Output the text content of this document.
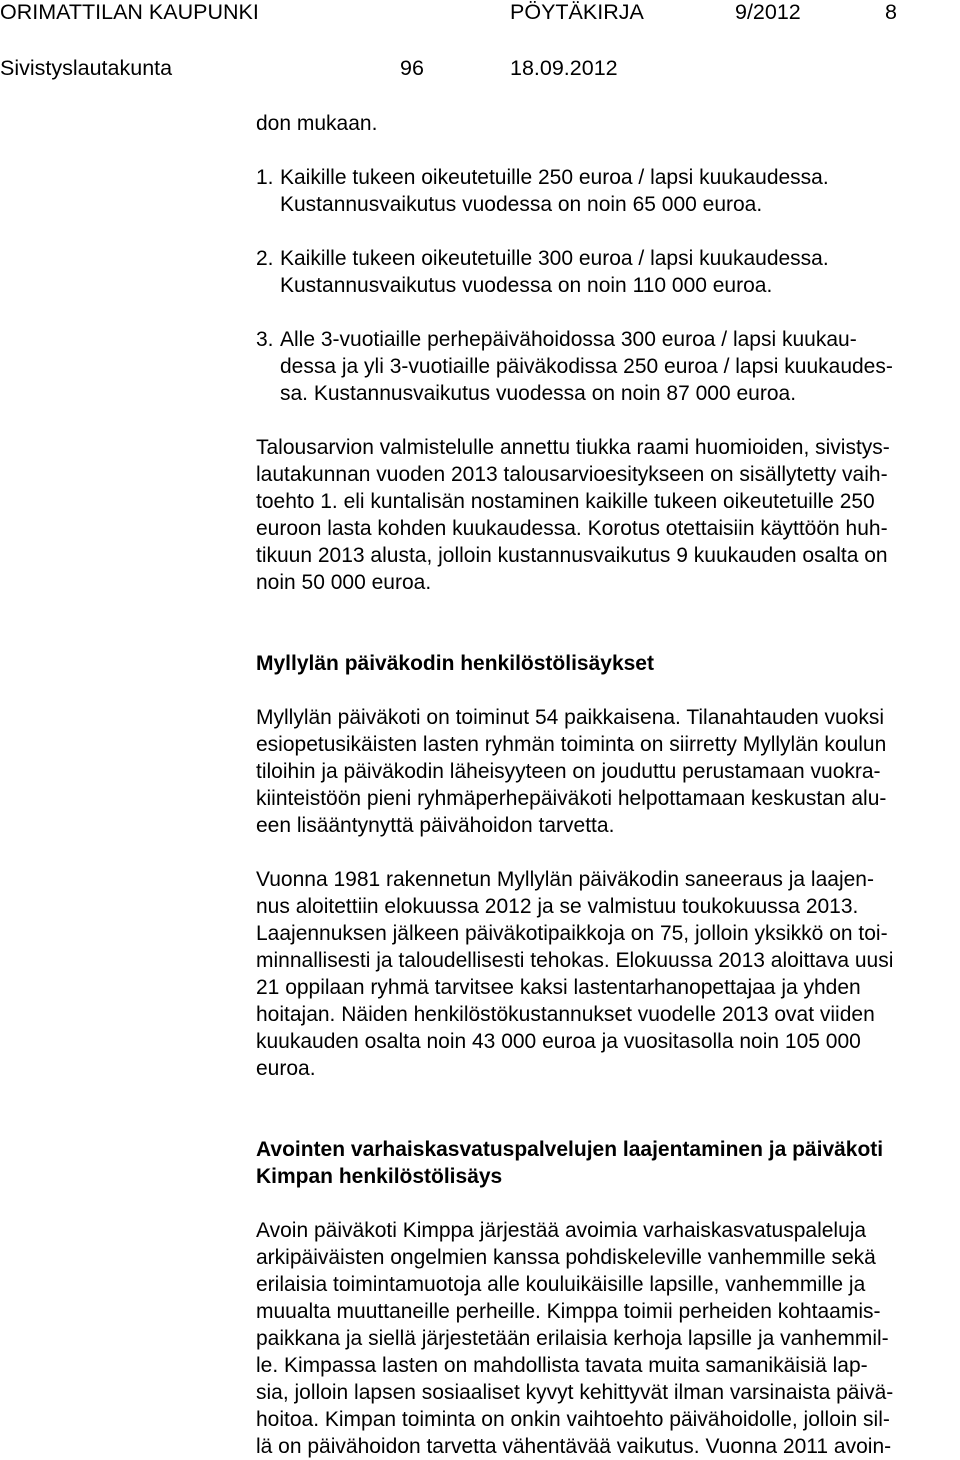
ORIMATTILAN KAUPUNKI	PÖYTÄKIRJA	9/2012	8
Sivistyslautakunta	96	18.09.2012
don mukaan.
1. Kaikille tukeen oikeutetuille 250 euroa / lapsi kuukaudessa.
Kustannusvaikutus vuodessa on noin 65 000 euroa.
2. Kaikille tukeen oikeutetuille 300 euroa / lapsi kuukaudessa.
Kustannusvaikutus vuodessa on noin 110 000 euroa.
3. Alle 3-vuotiaille perhepäivähoidossa 300 euroa / lapsi kuukau-
dessa ja yli 3-vuotiaille päiväkodissa 250 euroa / lapsi kuukaudes-
sa. Kustannusvaikutus vuodessa on noin 87 000 euroa.
Talousarvion valmistelulle annettu tiukka raami huomioiden, sivistys-
lautakunnan vuoden 2013 talousarvioesitykseen on sisällytetty vaih-
toehto 1. eli kuntalisän nostaminen kaikille tukeen oikeutetuille 250
euroon lasta kohden kuukaudessa. Korotus otettaisiin käyttöön huh-
tikuun 2013 alusta, jolloin kustannusvaikutus 9 kuukauden osalta on
noin 50 000 euroa.
Myllylän päiväkodin henkilöstölisäykset
Myllylän päiväkoti on toiminut 54 paikkaisena. Tilanahtauden vuoksi
esiopetusikäisten lasten ryhmän toiminta on siirretty Myllylän koulun
tiloihin ja päiväkodin läheisyyteen on jouduttu perustamaan vuokra-
kiinteistöön pieni ryhmäperhepäiväkoti helpottamaan keskustan alu-
een lisääntynyttä päivähoidon tarvetta.
Vuonna 1981 rakennetun Myllylän päiväkodin saneeraus ja laajen-
nus aloitettiin elokuussa 2012 ja se valmistuu toukokuussa 2013.
Laajennuksen jälkeen päiväkotipaikkoja on 75, jolloin yksikkö on toi-
minnallisesti ja taloudellisesti tehokas. Elokuussa 2013 aloittava uusi
21 oppilaan ryhmä tarvitsee kaksi lastentarhanopettajaa ja yhden
hoitajan. Näiden henkilöstökustannukset vuodelle 2013 ovat viiden
kuukauden osalta noin 43 000 euroa ja vuositasolla noin 105 000
euroa.
Avointen varhaiskasvatuspalvelujen laajentaminen ja päiväkoti
Kimpan henkilöstölisäys
Avoin päiväkoti Kimppa järjestää avoimia varhaiskasvatuspaleluja
arkipäiväisten ongelmien kanssa pohdiskeleville vanhemmille sekä
erilaisia toimintamuotoja alle kouluikäisille lapsille, vanhemmille ja
muualta muuttaneille perheille. Kimppa toimii perheiden kohtaamis-
paikkana ja siellä järjestetään erilaisia kerhoja lapsille ja vanhemmil-
le. Kimpassa lasten on mahdollista tavata muita samanikäisiä lap-
sia, jolloin lapsen sosiaaliset kyvyt kehittyvät ilman varsinaista päivä-
hoitoa. Kimpan toiminta on onkin vaihtoehto päivähoidolle, jolloin sil-
lä on päivähoidon tarvetta vähentävää vaikutus. Vuonna 2011 avoin-
